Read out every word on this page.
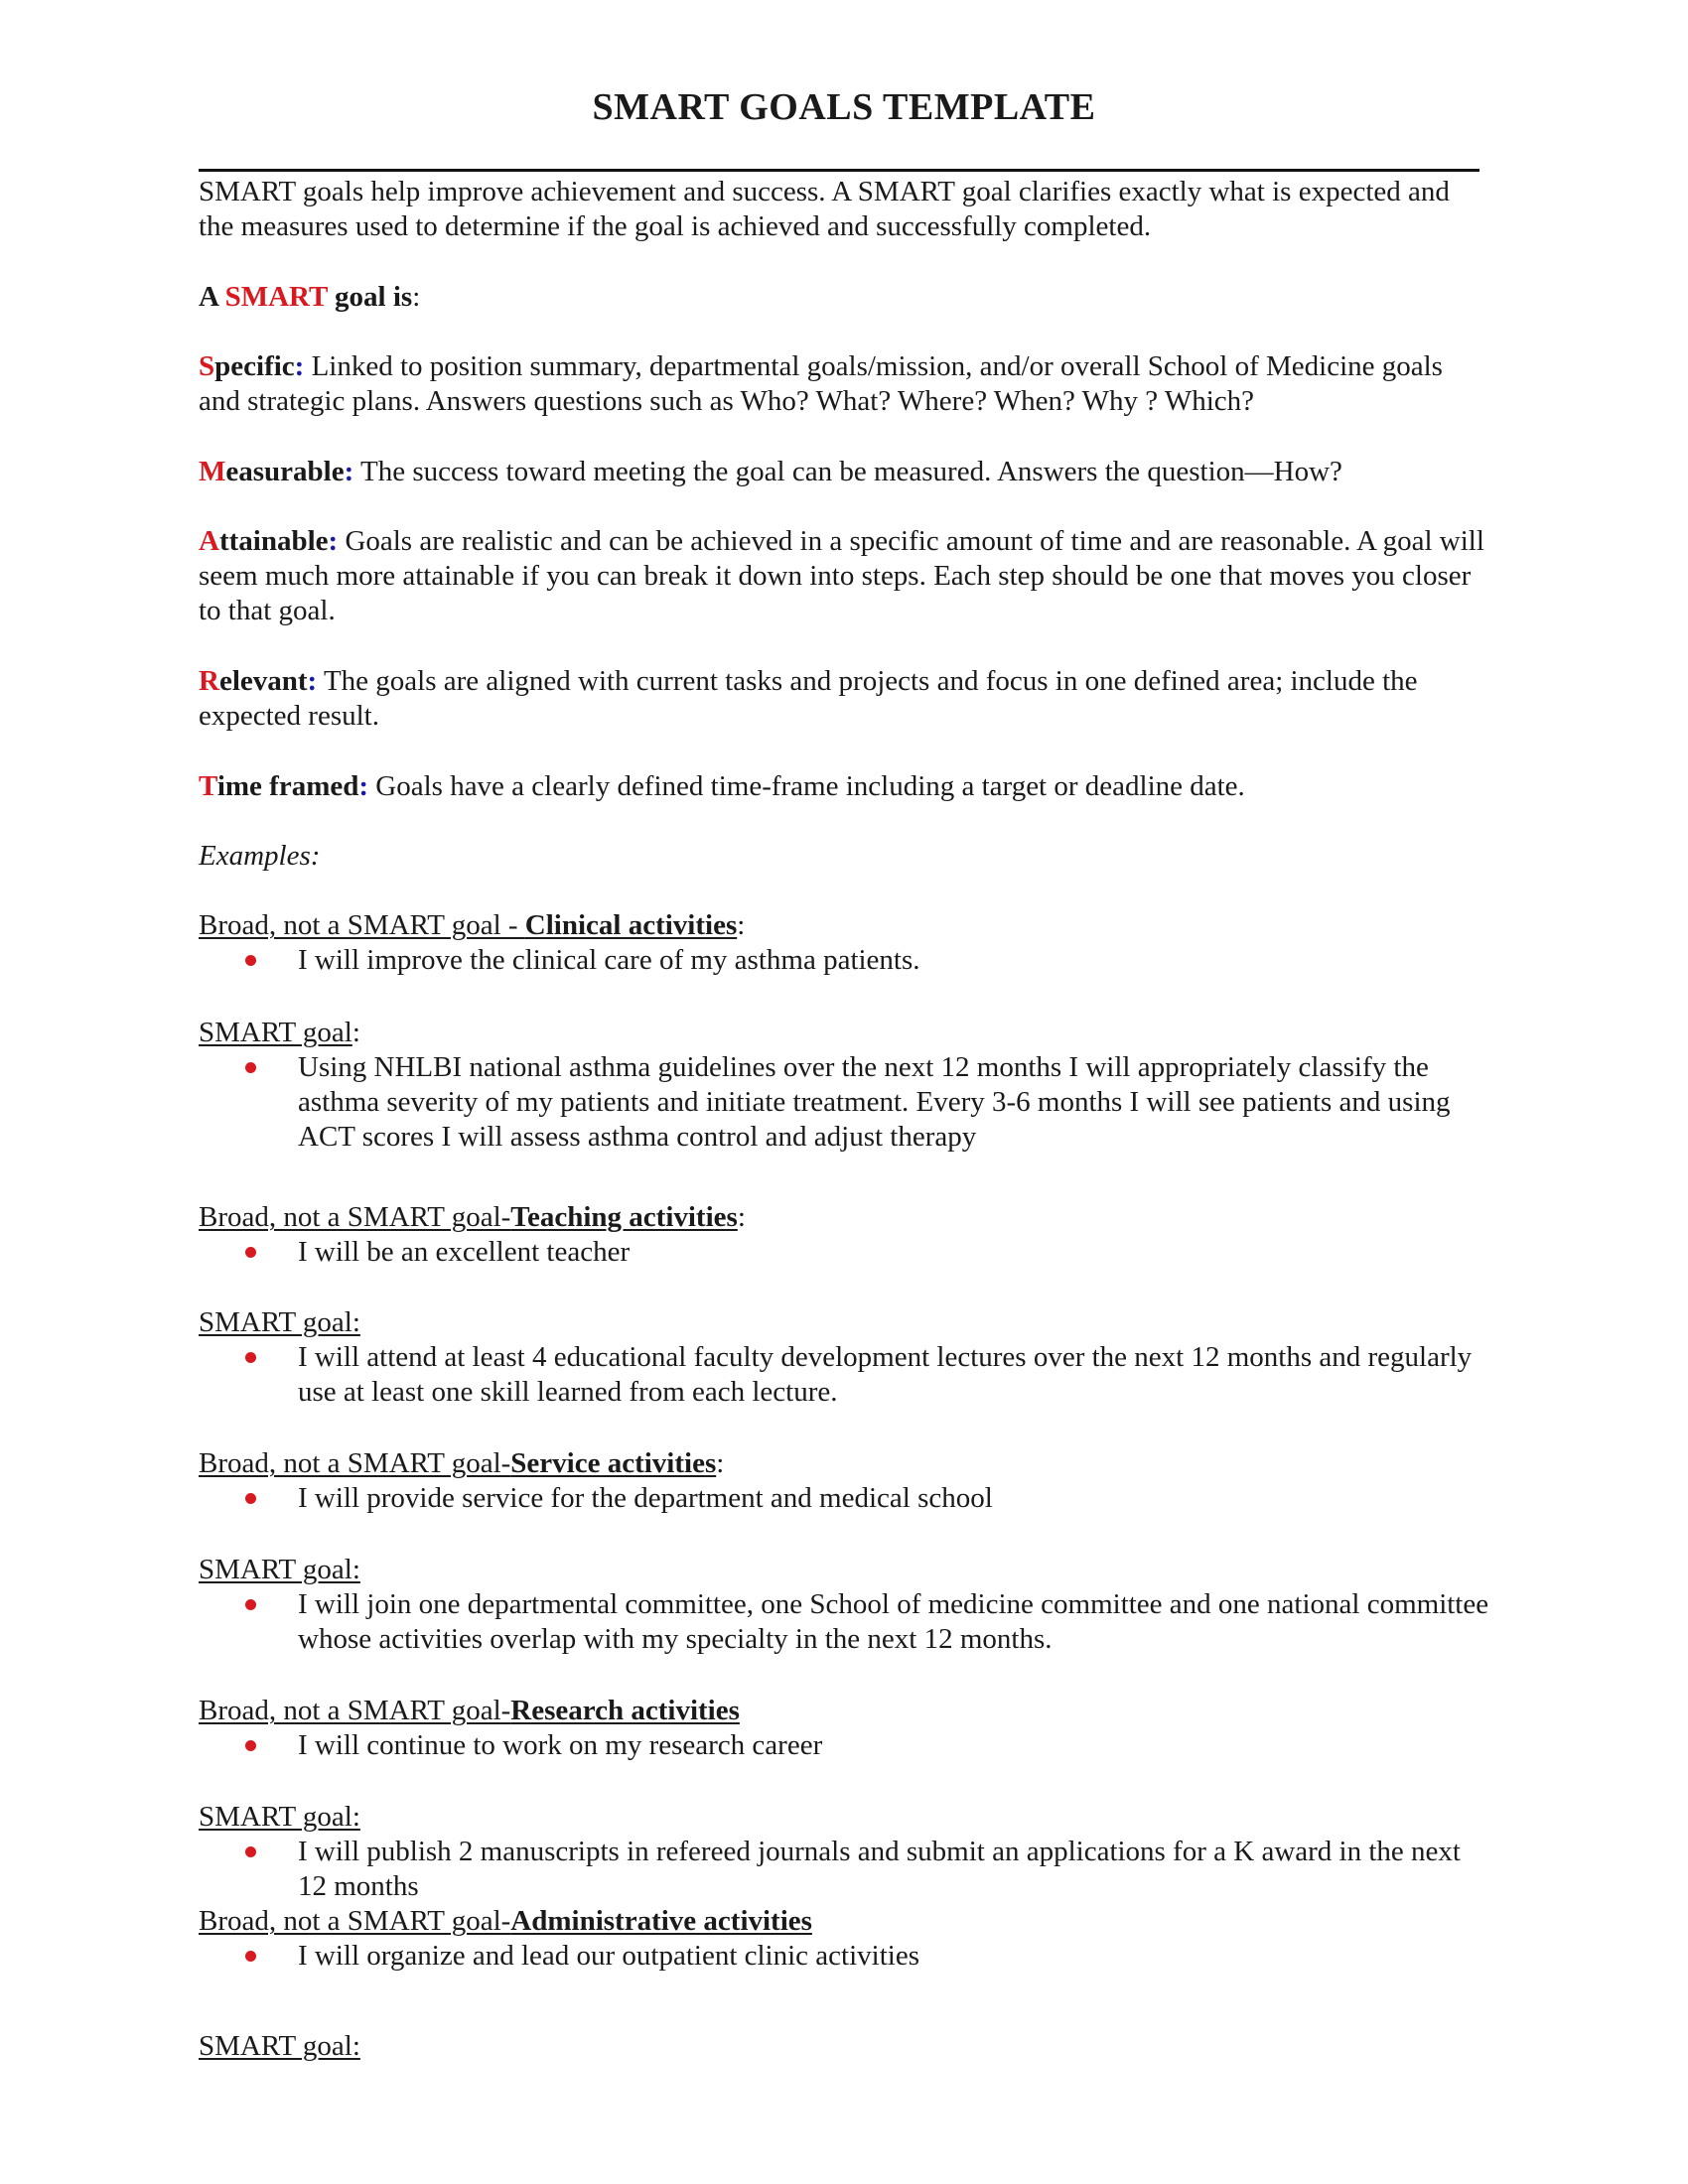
SMART GOALS TEMPLATE
SMART goals help improve achievement and success. A SMART goal clarifies exactly what is expected and the measures used to determine if the goal is achieved and successfully completed.
A SMART goal is:
Specific: Linked to position summary, departmental goals/mission, and/or overall School of Medicine goals and strategic plans. Answers questions such as Who? What? Where? When? Why ? Which?
Measurable: The success toward meeting the goal can be measured. Answers the question—How?
Attainable: Goals are realistic and can be achieved in a specific amount of time and are reasonable. A goal will seem much more attainable if you can break it down into steps. Each step should be one that moves you closer to that goal.
Relevant: The goals are aligned with current tasks and projects and focus in one defined area; include the expected result.
Time framed: Goals have a clearly defined time-frame including a target or deadline date.
Examples:
Broad, not a SMART goal - Clinical activities:
I will improve the clinical care of my asthma patients.
SMART goal:
Using NHLBI national asthma guidelines over the next 12 months I will appropriately classify the asthma severity of my patients and initiate treatment. Every 3-6 months I will see patients and using ACT scores I will assess asthma control and adjust therapy
Broad, not a SMART goal-Teaching activities:
I will be an excellent teacher
SMART goal:
I will attend at least 4 educational faculty development lectures over the next 12 months and regularly use at least one skill learned from each lecture.
Broad, not a SMART goal-Service activities:
I will provide service for the department and medical school
SMART goal:
I will join one departmental committee, one School of medicine committee and one national committee whose activities overlap with my specialty in the next 12 months.
Broad, not a SMART goal-Research activities
I will continue to work on my research career
SMART goal:
I will publish 2 manuscripts in refereed journals and submit an applications for a K award in the next 12 months
Broad, not a SMART goal-Administrative activities
I will organize and lead our outpatient clinic activities
SMART goal:
